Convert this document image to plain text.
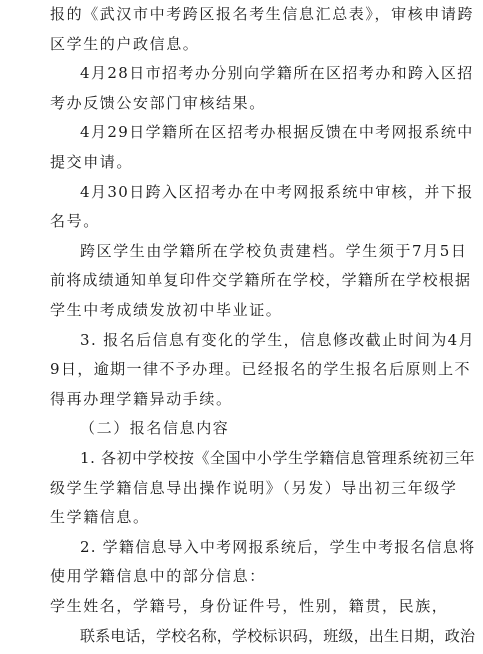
报的《武汉市中考跨区报名考生信息汇总表》，审核申请跨
区学生的户政信息。
4月28日市招考办分别向学籍所在区招考办和跨入区招
考办反馈公安部门审核结果。
4月29日学籍所在区招考办根据反馈在中考网报系统中
提交申请。
4月30日跨入区招考办在中考网报系统中审核，并下报
名号。
跨区学生由学籍所在学校负责建档。学生须于7月5日
前将成绩通知单复印件交学籍所在学校，学籍所在学校根据
学生中考成绩发放初中毕业证。
3. 报名后信息有变化的学生，信息修改截止时间为4月
9日，逾期一律不予办理。已经报名的学生报名后原则上不
得再办理学籍异动手续。
（二）报名信息内容
1. 各初中学校按《全国中小学生学籍信息管理系统初三年
级学生学籍信息导出操作说明》（另发）导出初三年级学
生学籍信息。
2. 学籍信息导入中考网报系统后，学生中考报名信息将
使用学籍信息中的部分信息：
学生姓名，学籍号，身份证件号，性别，籍贯，民族，
联系电话，学校名称，学校标识码，班级，出生日期，政治
